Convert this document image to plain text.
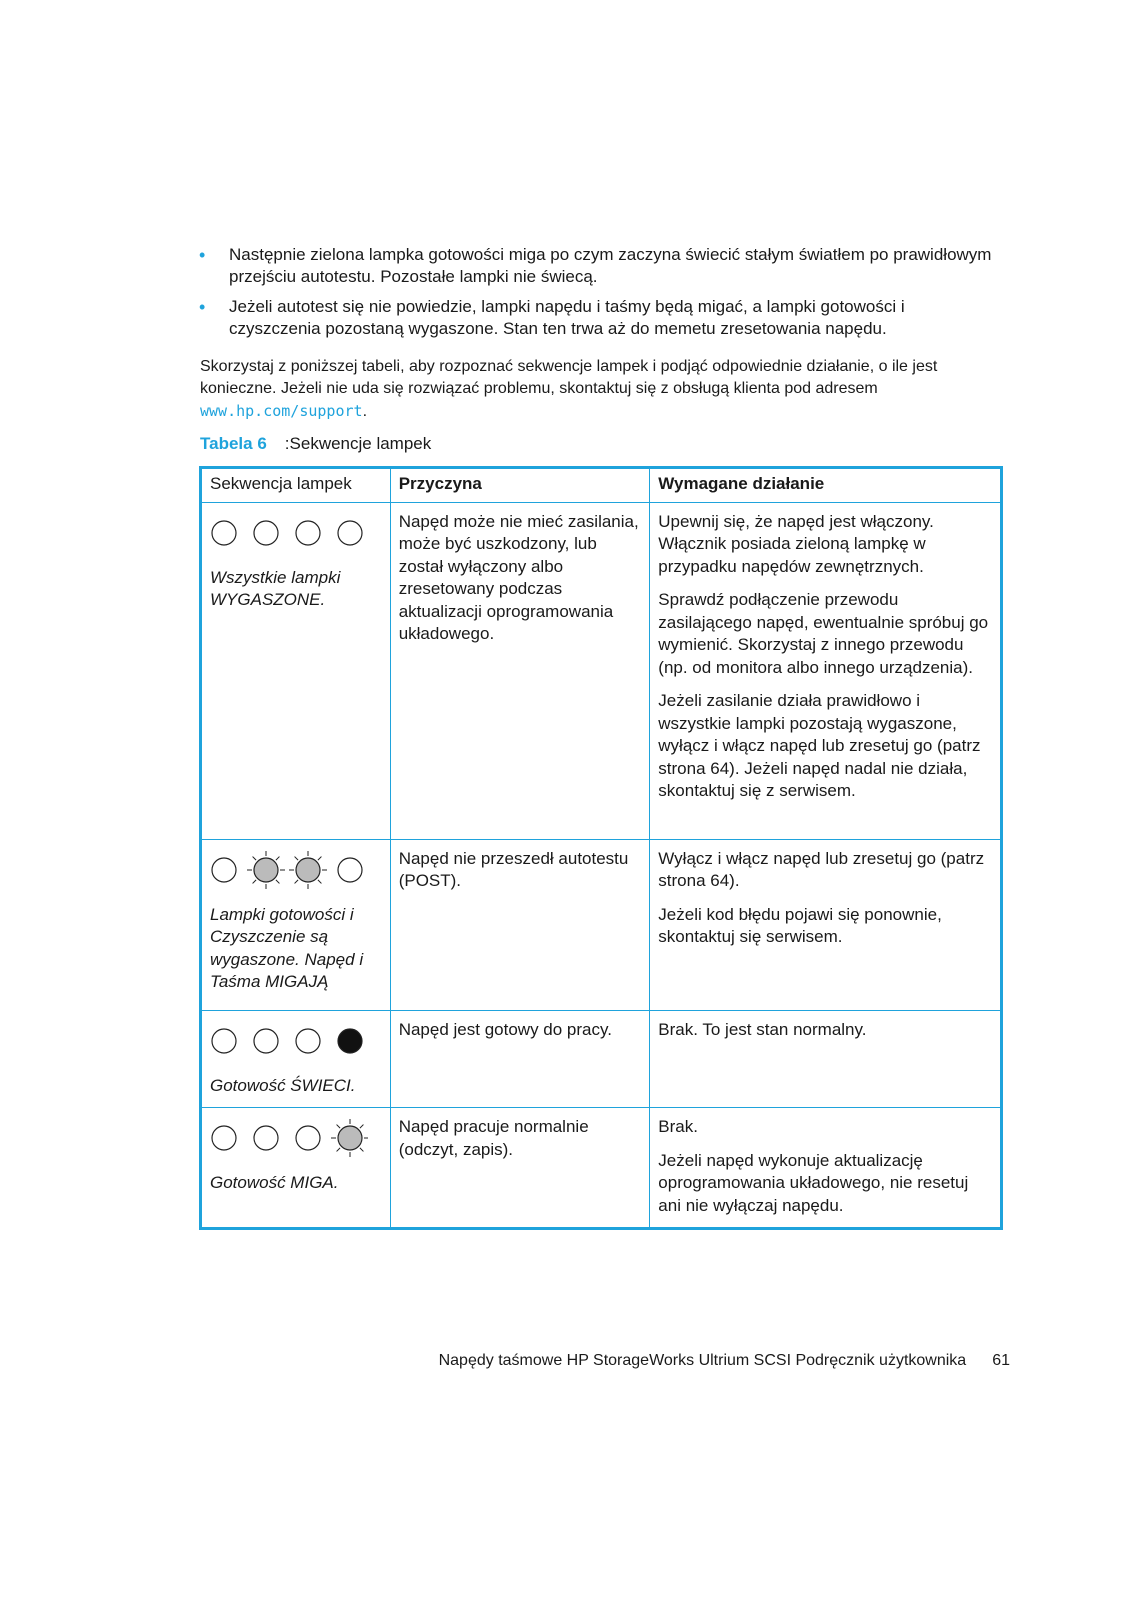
• Następnie zielona lampka gotowości miga po czym zaczyna świecić stałym światłem po prawidłowym przejściu autotestu. Pozostałe lampki nie świecą.
• Jeżeli autotest się nie powiedzie, lampki napędu i taśmy będą migać, a lampki gotowości i czyszczenia pozostaną wygaszone. Stan ten trwa aż do memetu zresetowania napędu.
Skorzystaj z poniższej tabeli, aby rozpoznać sekwencje lampek i podjąć odpowiednie działanie, o ile jest konieczne. Jeżeli nie uda się rozwiązać problemu, skontaktuj się z obsługą klienta pod adresem www.hp.com/support.
Tabela 6 :Sekwencje lampek
Sekwencja lampek	Przyczyna	Wymagane działanie

Wszystkie lampki WYGASZONE.	Napęd może nie mieć zasilania, może być uszkodzony, lub został wyłączony albo zresetowany podczas aktualizacji oprogramowania układowego.	Upewnij się, że napęd jest włączony. Włącznik posiada zieloną lampkę w przypadku napędów zewnętrznych.

Sprawdź podłączenie przewodu zasilającego napęd, ewentualnie spróbuj go wymienić. Skorzystaj z innego przewodu (np. od monitora albo innego urządzenia).

Jeżeli zasilanie działa prawidłowo i wszystkie lampki pozostają wygaszone, wyłącz i włącz napęd lub zresetuj go (patrz strona 64). Jeżeli napęd nadal nie działa, skontaktuj się z serwisem.

Lampki gotowości i Czyszczenie są wygaszone. Napęd i Taśma MIGAJĄ	Napęd nie przeszedł autotestu (POST).	Wyłącz i włącz napęd lub zresetuj go (patrz strona 64).

Jeżeli kod błędu pojawi się ponownie, skontaktuj się serwisem.

Gotowość ŚWIECI.	Napęd jest gotowy do pracy.	Brak. To jest stan normalny.

Gotowość MIGA.	Napęd pracuje normalnie (odczyt, zapis).	Brak.

Jeżeli napęd wykonuje aktualizację oprogramowania układowego, nie resetuj ani nie wyłączaj napędu.

Napędy taśmowe HP StorageWorks Ultrium SCSI Podręcznik użytkownika 61
